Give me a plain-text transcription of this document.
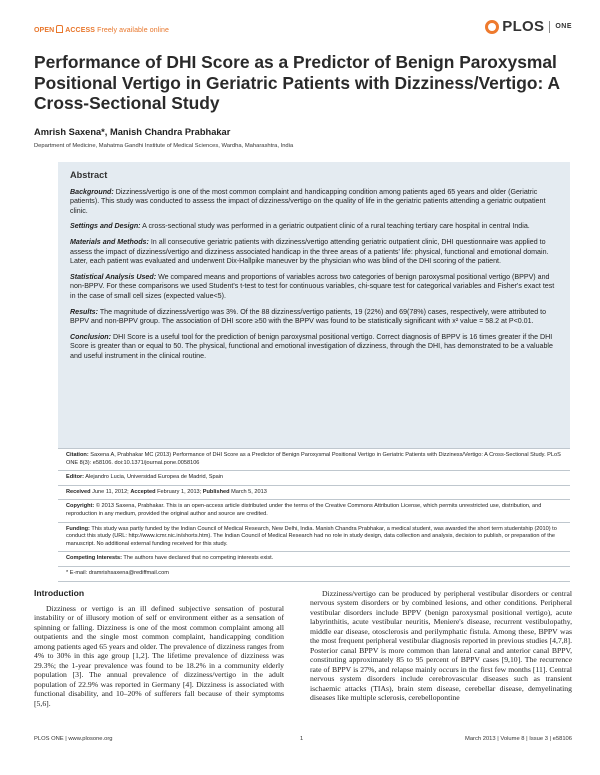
OPEN ACCESS Freely available online	PLOS ONE
Performance of DHI Score as a Predictor of Benign Paroxysmal Positional Vertigo in Geriatric Patients with Dizziness/Vertigo: A Cross-Sectional Study
Amrish Saxena*, Manish Chandra Prabhakar
Department of Medicine, Mahatma Gandhi Institute of Medical Sciences, Wardha, Maharashtra, India
Abstract

Background: Dizziness/vertigo is one of the most common complaint and handicapping condition among patients aged 65 years and older (Geriatric patients). This study was conducted to assess the impact of dizziness/vertigo on the quality of life in the geriatric patients attending a geriatric outpatient clinic.

Settings and Design: A cross-sectional study was performed in a geriatric outpatient clinic of a rural teaching tertiary care hospital in central India.

Materials and Methods: In all consecutive geriatric patients with dizziness/vertigo attending geriatric outpatient clinic, DHI questionnaire was applied to assess the impact of dizziness/vertigo and dizziness associated handicap in the three areas of a patients' life: physical, functional and emotional domain. Later, each patient was evaluated and underwent Dix-Hallpike maneuver by the physician who was blind of the DHI scoring of the patient.

Statistical Analysis Used: We compared means and proportions of variables across two categories of benign paroxysmal positional vertigo (BPPV) and non-BPPV. For these comparisons we used Student's t-test to test for continuous variables, chi-square test for categorical variables and Fisher's exact test in the case of small cell sizes (expected value<5).

Results: The magnitude of dizziness/vertigo was 3%. Of the 88 dizziness/vertigo patients, 19 (22%) and 69(78%) cases, respectively, were attributed to BPPV and non-BPPV group. The association of DHI score ≥50 with the BPPV was found to be statistically significant with x² value = 58.2 at P<0.01.

Conclusion: DHI Score is a useful tool for the prediction of benign paroxysmal positional vertigo. Correct diagnosis of BPPV is 16 times greater if the DHI Score is greater than or equal to 50. The physical, functional and emotional investigation of dizziness, through the DHI, has demonstrated to be a valuable and useful instrument in the clinical routine.

Citation: Saxena A, Prabhakar MC (2013) Performance of DHI Score as a Predictor of Benign Paroxysmal Positional Vertigo in Geriatric Patients with Dizziness/Vertigo: A Cross-Sectional Study. PLoS ONE 8(3): e58106. doi:10.1371/journal.pone.0058106
Editor: Alejandro Lucia, Universidad Europea de Madrid, Spain
Received June 11, 2012; Accepted February 1, 2013; Published March 5, 2013
Copyright: © 2013 Saxena, Prabhakar. This is an open-access article distributed under the terms of the Creative Commons Attribution License, which permits unrestricted use, distribution, and reproduction in any medium, provided the original author and source are credited.
Funding: This study was partly funded by the Indian Council of Medical Research, New Delhi, India. Manish Chandra Prabhakar, a medical student, was awarded the short term studentship (2010) to conduct this study (URL: http://www.icmr.nic.in/shorts.htm). The Indian Council of Medical Research had no role in study design, data collection and analysis, decision to publish, or preparation of the manuscript. No additional external funding received for this study.
Competing Interests: The authors have declared that no competing interests exist.
* E-mail: dramrishsaxena@rediffmail.com
Introduction

Dizziness or vertigo is an ill defined subjective sensation of postural instability or of illusory motion of self or environment either as a sensation of spinning or falling. Dizziness is one of the most common complaint among all outpatients and the single most common complaint, handicapping condition among patients aged 65 years and older. The prevalence of dizziness ranges from 4% to 30% in this age group [1,2]. The lifetime prevalence of dizziness was 29.3%; the 1-year prevalence was found to be 18.2% in a community elderly population [3]. The annual prevalence of dizziness/vertigo in the adult population of 22.9% was reported in Germany [4]. Dizziness is associated with functional disability, and 10–20% of sufferers fall because of their symptoms [5,6].

Dizziness/vertigo can be produced by peripheral vestibular disorders or central nervous system disorders or by combined lesions, and other conditions. Peripheral vestibular disorders include BPPV (benign paroxysmal positional vertigo), acute labyrinthitis, acute vestibular neuritis, Meniere's disease, recurrent vestibulopathy, middle ear disease, otosclerosis and perilymphatic fistula. Among these, BPPV was the most frequent peripheral vestibular diagnosis reported in previous studies [4,7,8]. Posterior canal BPPV is more common than lateral canal and anterior canal BPPV, constituting approximately 85 to 95 percent of BPPV cases [9,10]. The recurrence rate of BPPV is 27%, and relapse mainly occurs in the first few months [11]. Central nervous system disorders include cerebrovascular diseases such as transient ischaemic attacks (TIAs), brain stem disease, cerebellar disease, demyelinating diseases like multiple sclerosis, cerebellopontine

PLOS ONE | www.plosone.org	1	March 2013 | Volume 8 | Issue 3 | e58106
